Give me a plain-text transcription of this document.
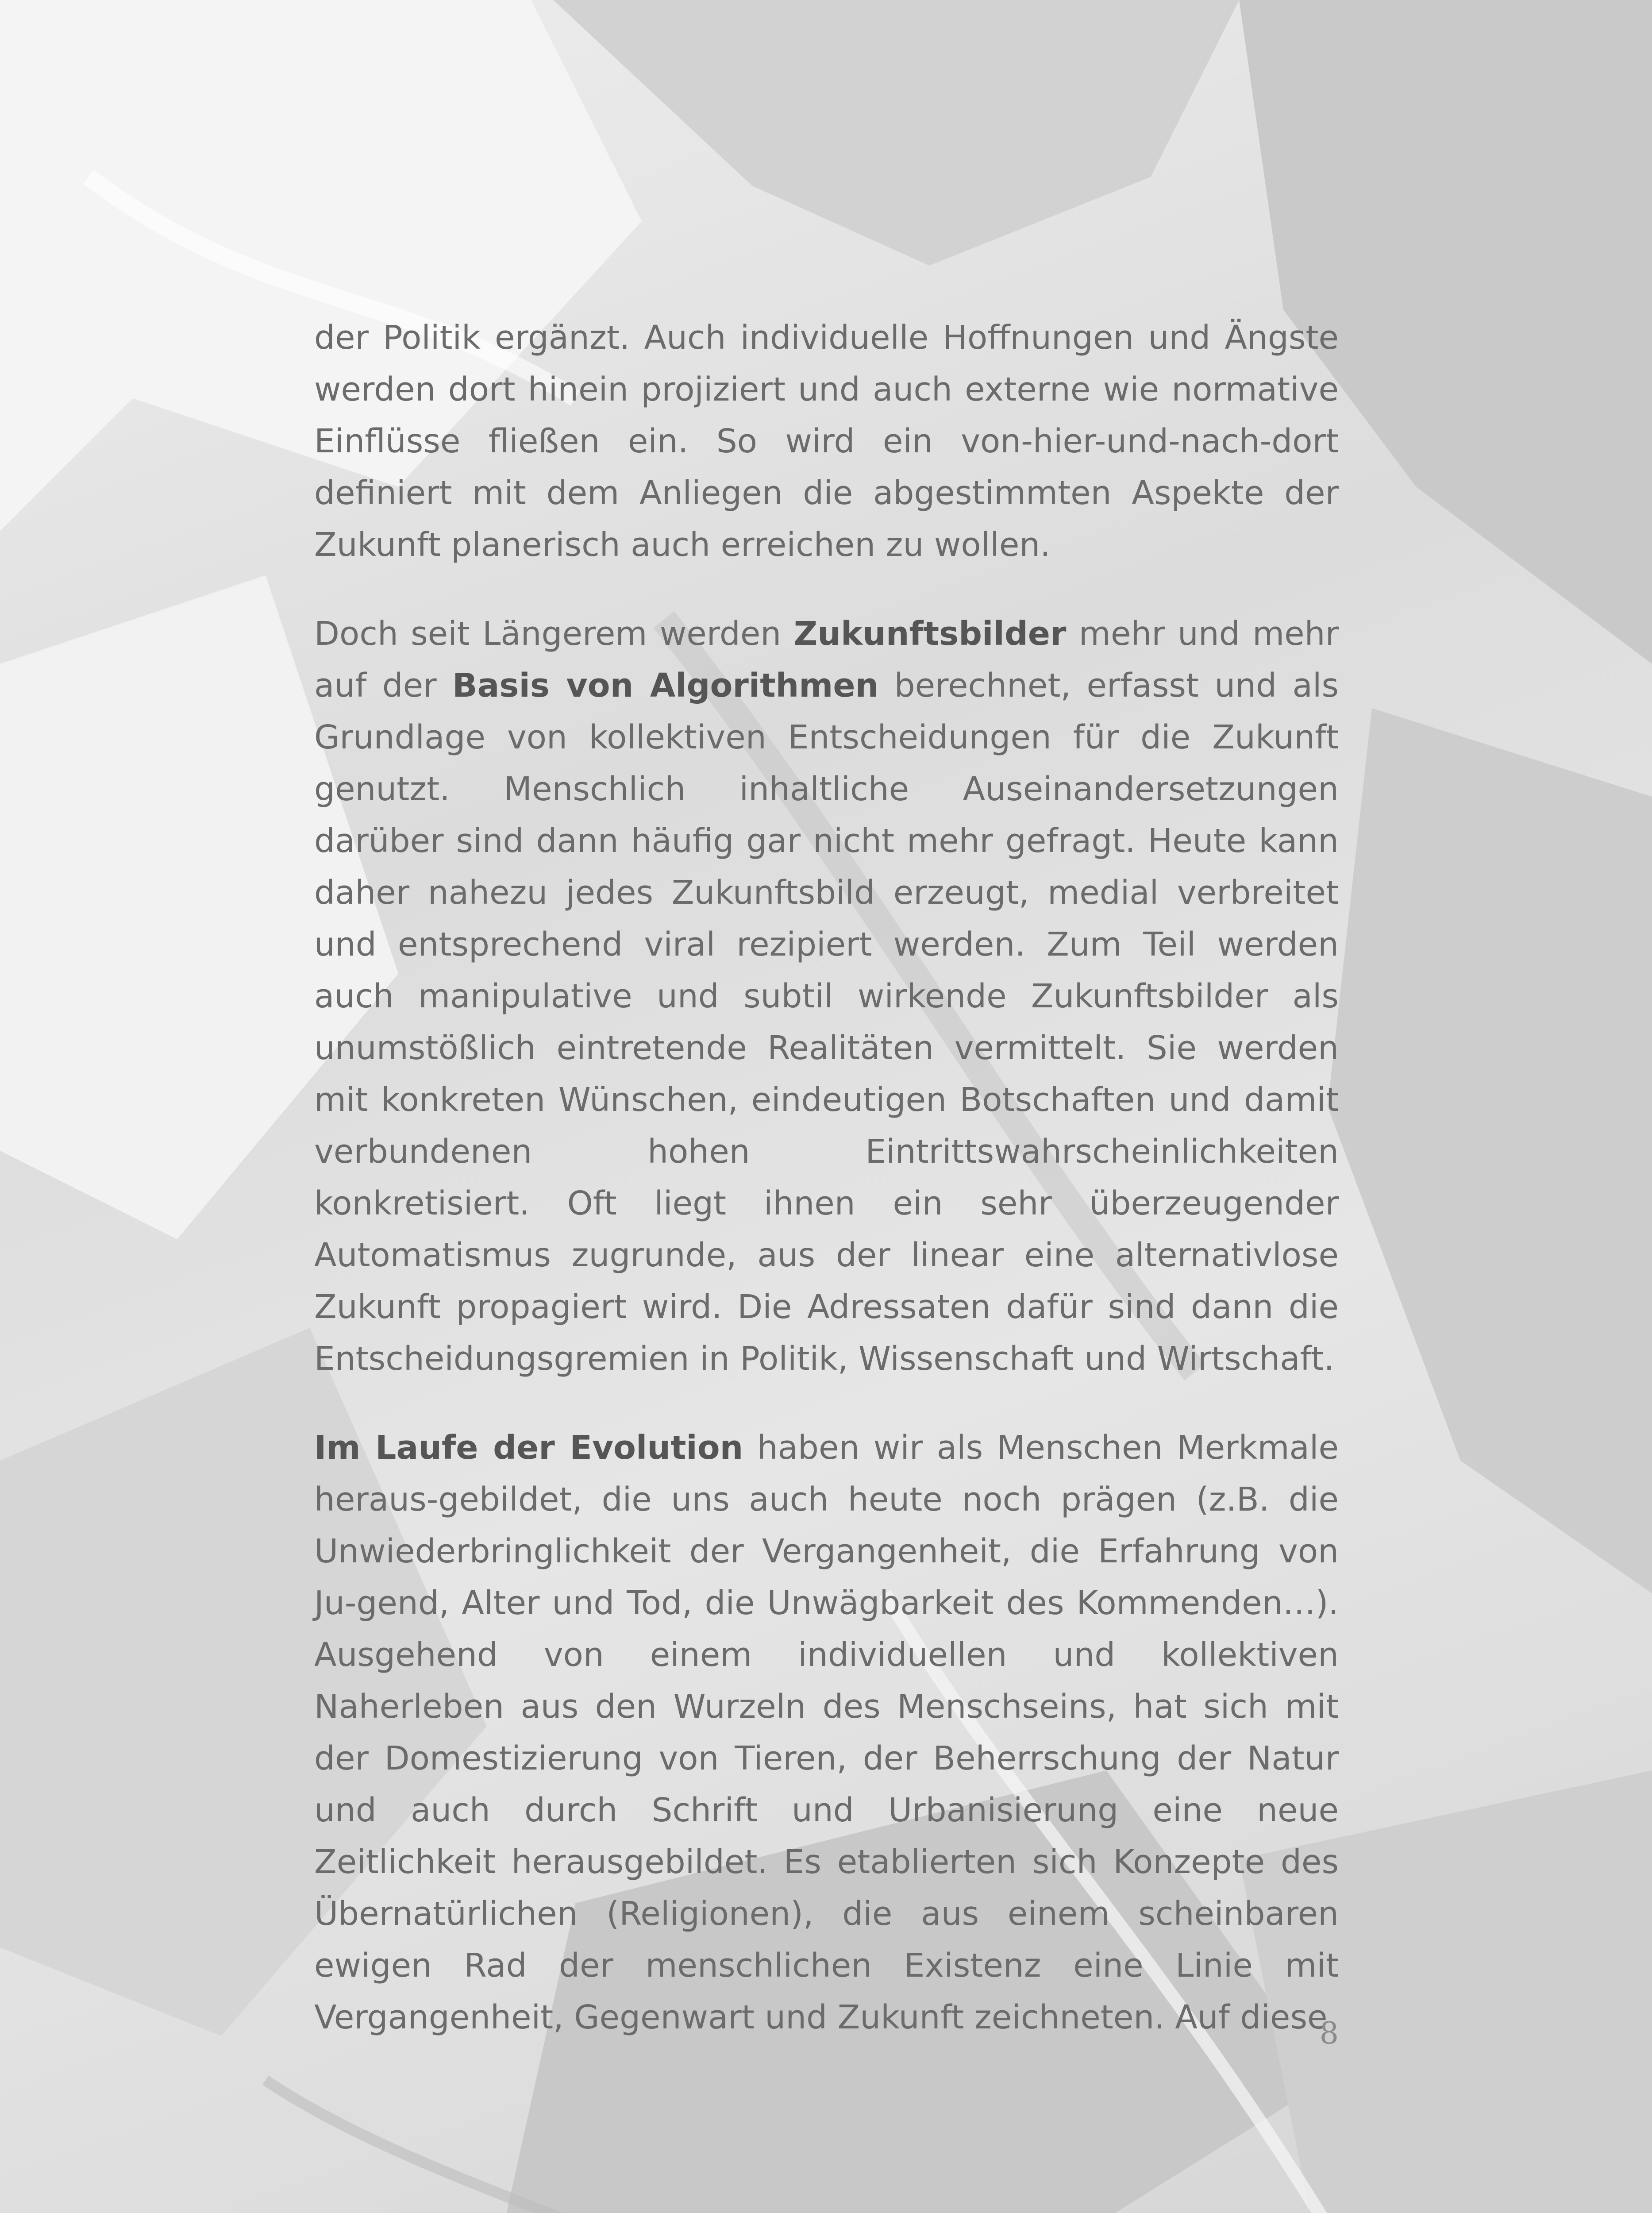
der Politik ergänzt. Auch individuelle Hoffnungen und Ängste werden dort hinein projiziert und auch externe wie normative Einflüsse fließen ein. So wird ein von-hier-und-nach-dort definiert mit dem Anliegen die abgestimmten Aspekte der Zukunft planerisch auch erreichen zu wollen.

Doch seit Längerem werden Zukunftsbilder mehr und mehr auf der Basis von Algorithmen berechnet, erfasst und als Grundlage von kollektiven Entscheidungen für die Zukunft genutzt. Menschlich inhaltliche Auseinandersetzungen darüber sind dann häufig gar nicht mehr gefragt. Heute kann daher nahezu jedes Zukunftsbild erzeugt, medial verbreitet und entsprechend viral rezipiert werden. Zum Teil werden auch manipulative und subtil wirkende Zukunftsbilder als unumstößlich eintretende Realitäten vermittelt. Sie werden mit konkreten Wünschen, eindeutigen Botschaften und damit verbundenen hohen Eintrittswahrscheinlichkeiten konkretisiert. Oft liegt ihnen ein sehr überzeugender Automatismus zugrunde, aus der linear eine alternativlose Zukunft propagiert wird. Die Adressaten dafür sind dann die Entscheidungsgremien in Politik, Wissenschaft und Wirtschaft.

Im Laufe der Evolution haben wir als Menschen Merkmale heraus-gebildet, die uns auch heute noch prägen (z.B. die Unwiederbringlichkeit der Vergangenheit, die Erfahrung von Ju-gend, Alter und Tod, die Unwägbarkeit des Kommenden…). Ausgehend von einem individuellen und kollektiven Naherleben aus den Wurzeln des Menschseins, hat sich mit der Domestizierung von Tieren, der Beherrschung der Natur und auch durch Schrift und Urbanisierung eine neue Zeitlichkeit herausgebildet. Es etablierten sich Konzepte des Übernatürlichen (Religionen), die aus einem scheinbaren ewigen Rad der menschlichen Existenz eine Linie mit Vergangenheit, Gegenwart und Zukunft zeichneten. Auf diese

8
